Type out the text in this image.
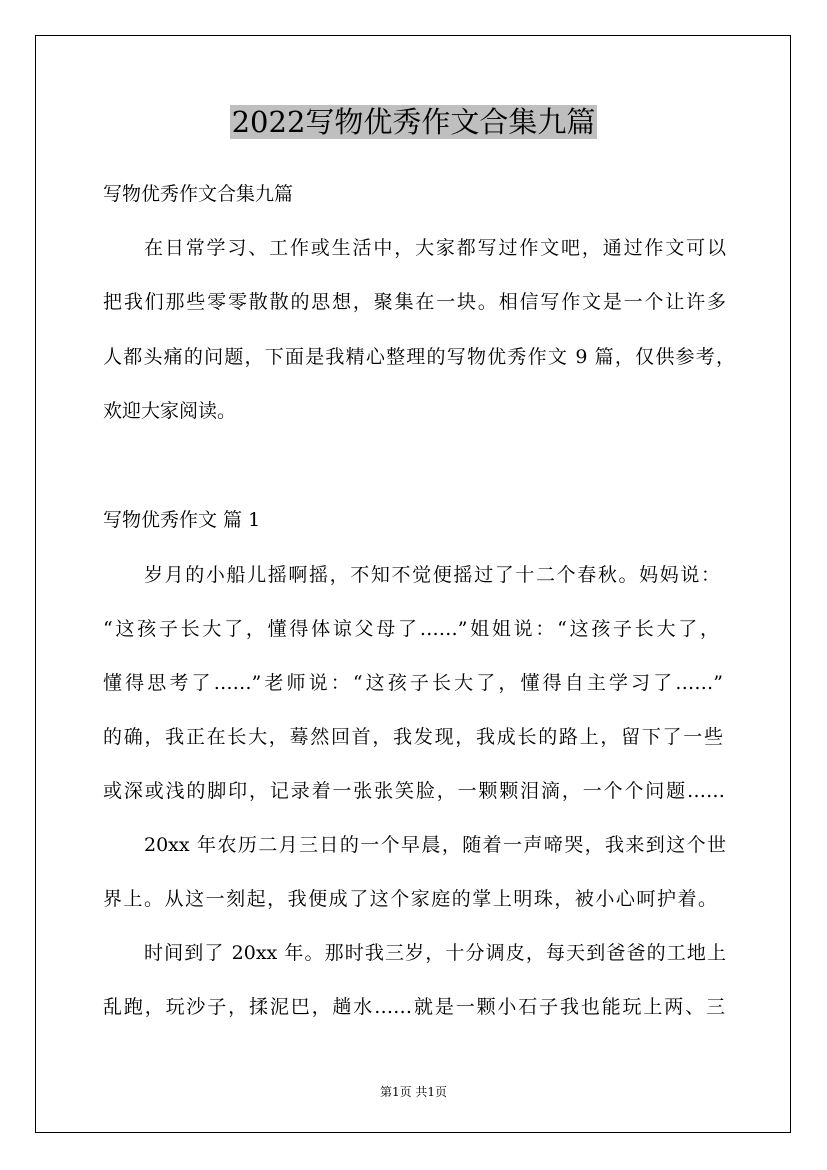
2022写物优秀作文合集九篇
写物优秀作文合集九篇
在日常学习、工作或生活中，大家都写过作文吧，通过作文可以
把我们那些零零散散的思想，聚集在一块。相信写作文是一个让许多
人都头痛的问题，下面是我精心整理的写物优秀作文 9 篇，仅供参考，
欢迎大家阅读。
写物优秀作文 篇 1
岁月的小船儿摇啊摇，不知不觉便摇过了十二个春秋。妈妈说：
“这孩子长大了，懂得体谅父母了……”姐姐说：“这孩子长大了，
懂得思考了……”老师说：“这孩子长大了，懂得自主学习了……”
的确，我正在长大，蓦然回首，我发现，我成长的路上，留下了一些
或深或浅的脚印，记录着一张张笑脸，一颗颗泪滴，一个个问题……
20xx 年农历二月三日的一个早晨，随着一声啼哭，我来到这个世
界上。从这一刻起，我便成了这个家庭的掌上明珠，被小心呵护着。
时间到了 20xx 年。那时我三岁，十分调皮，每天到爸爸的工地上
乱跑，玩沙子，揉泥巴，趟水……就是一颗小石子我也能玩上两、三
第1页 共1页
